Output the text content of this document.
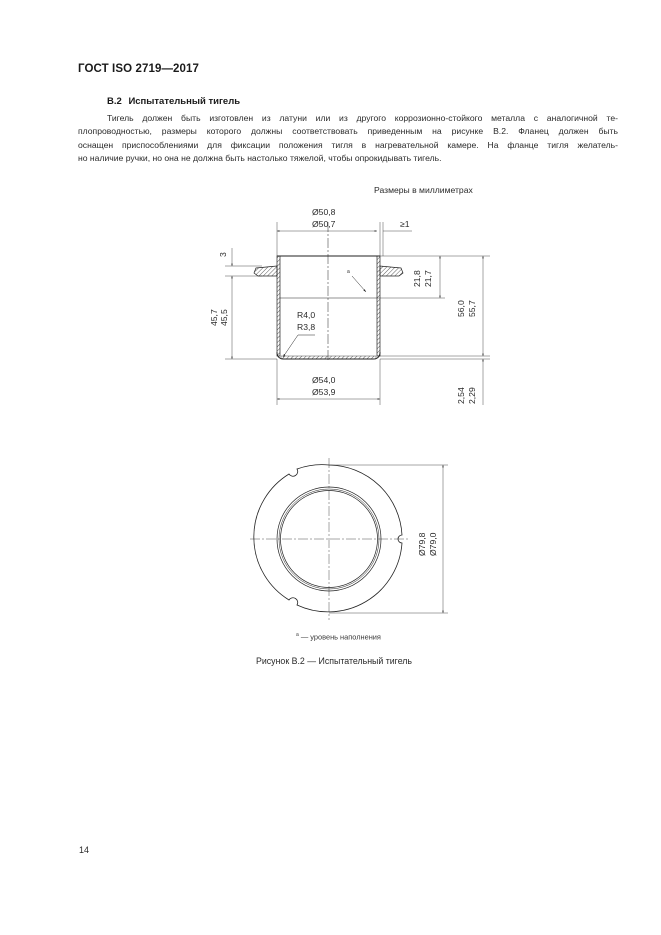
ГОСТ ISO 2719—2017
B.2 Испытательный тигель
Тигель должен быть изготовлен из латуни или из другого коррозионно-стойкого металла с аналогичной те-
плопроводностью, размеры которого должны соответствовать приведенным на рисунке В.2. Фланец должен быть
оснащен приспособлениями для фиксации положения тигля в нагревательной камере. На фланце тигля желатель-
но наличие ручки, но она не должна быть настолько тяжелой, чтобы опрокидывать тигель.
Размеры в миллиметрах
Ø50,8
Ø50,7	≥1
3
45,7 45,5
21,8 21,7
56,0 55,7
2,54 2,29
R4,0
R3,8
Ø54,0
Ø53,9
a
Ø79,8 Ø79,0
$^a$ — уровень наполнения
Рисунок В.2 — Испытательный тигель
14
